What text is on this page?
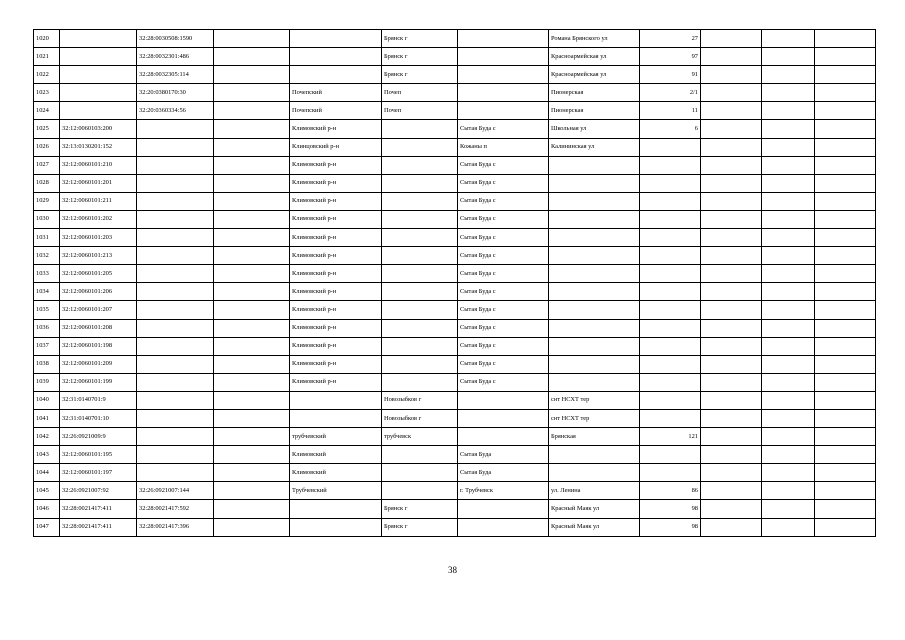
1020		32:28:0030508:1590			Брянск г		Романа Брянского ул	27			
1021		32:28:0032301:486			Брянск г		Красноармейская ул	97			
1022		32:28:0032305:114			Брянск г		Красноармейская ул	91			
1023		32:20:0380170:30		Почепский	Почеп		Пионерская	2/1			
1024		32:20:0360334:56		Почепский	Почеп		Пионерская	11			
1025	32:12:0060103:200			Климовский р-н		Сытая Буда с	Школьная ул	6			
1026	32:13:0130201:152			Клинцовский р-н		Кожаны п	Калининская ул				
1027	32:12:0060101:210			Климовский р-н		Сытая Буда с					
1028	32:12:0060101:201			Климовский р-н		Сытая Буда с					
1029	32:12:0060101:211			Климовский р-н		Сытая Буда с					
1030	32:12:0060101:202			Климовский р-н		Сытая Буда с					
1031	32:12:0060101:203			Климовский р-н		Сытая Буда с					
1032	32:12:0060101:213			Климовский р-н		Сытая Буда с					
1033	32:12:0060101:205			Климовский р-н		Сытая Буда с					
1034	32:12:0060101:206			Климовский р-н		Сытая Буда с					
1035	32:12:0060101:207			Климовский р-н		Сытая Буда с					
1036	32:12:0060101:208			Климовский р-н		Сытая Буда с					
1037	32:12:0060101:198			Климовский р-н		Сытая Буда с					
1038	32:12:0060101:209			Климовский р-н		Сытая Буда с					
1039	32:12:0060101:199			Климовский р-н		Сытая Буда с					
1040	32:31:0140701:9				Новозыбков г		снт НСХТ тер				
1041	32:31:0140701:10				Новозыбков г		снт НСХТ тер				
1042	32:26:0921009:9			трубчевский	трубчевск		Брянская	121			
1043	32:12:0060101:195			Климовский		Сытая Буда					
1044	32:12:0060101:197			Климовский		Сытая Буда					
1045	32:26:0921007:92	32:26:0921007:144		Трубчевский		г. Трубчевск	ул. Ленина	86			
1046	32:28:0021417:411	32:28:0021417:592			Брянск г		Красный Маяк ул	98			
1047	32:28:0021417:411	32:28:0021417:396			Брянск г		Красный Маяк ул	98			
38
